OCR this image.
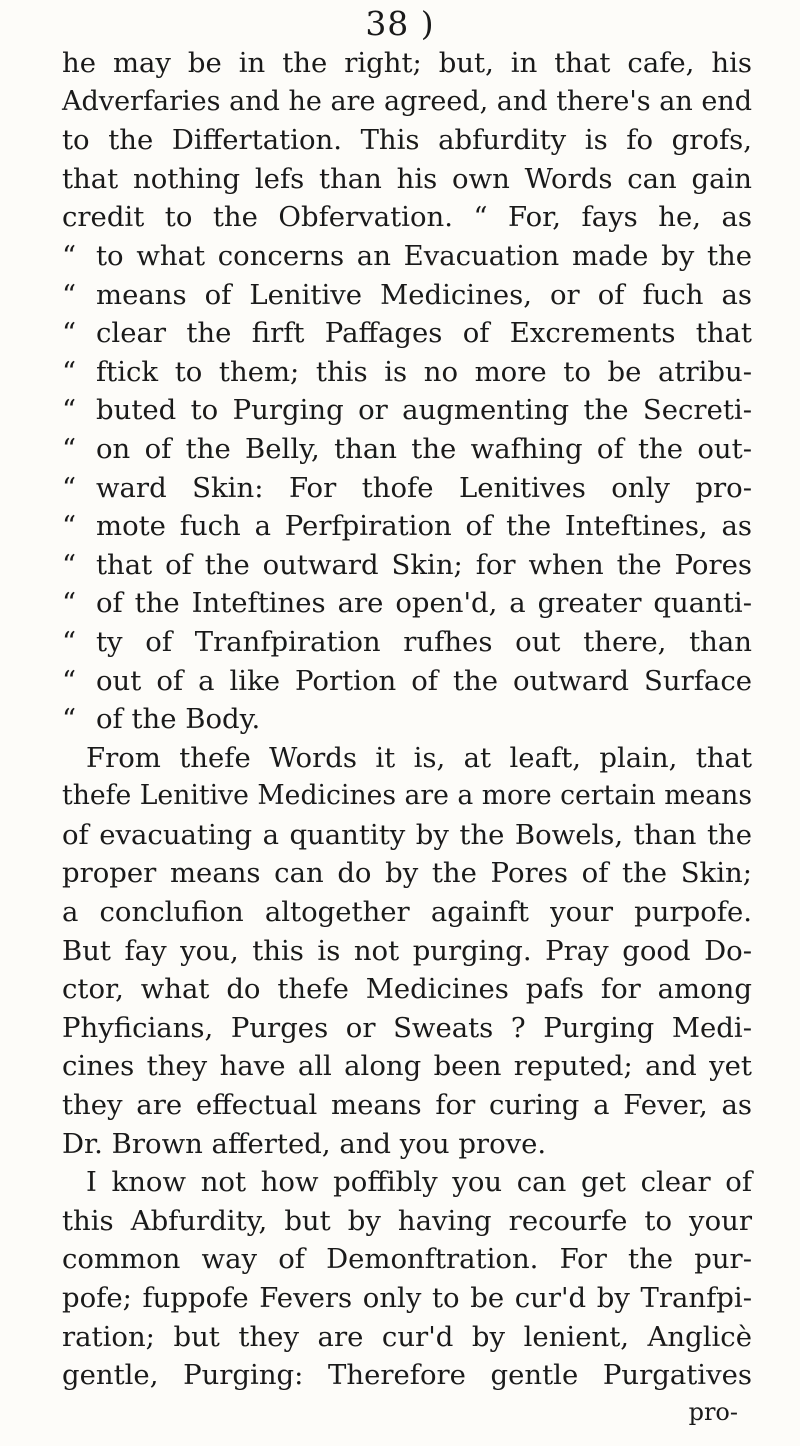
38 )
he may be in the right; but, in that cafe, his
Adverfaries and he are agreed, and there's an end
to the Differtation. This abfurdity is fo grofs,
that nothing lefs than his own Words can gain
credit to the Obfervation. “ For, fays he, as
“ to what concerns an Evacuation made by the
“ means of Lenitive Medicines, or of fuch as
“ clear the firft Paffages of Excrements that
“ ftick to them; this is no more to be atribu-
“ buted to Purging or augmenting the Secreti-
“ on of the Belly, than the wafhing of the out-
“ ward Skin: For thofe Lenitives only pro-
“ mote fuch a Perfpiration of the Inteftines, as
“ that of the outward Skin; for when the Pores
“ of the Inteftines are open'd, a greater quanti-
“ ty of Tranfpiration rufhes out there, than
“ out of a like Portion of the outward Surface
“ of the Body.
From thefe Words it is, at leaft, plain, that
thefe Lenitive Medicines are a more certain means
of evacuating a quantity by the Bowels, than the
proper means can do by the Pores of the Skin;
a conclufion altogether againft your purpofe.
But fay you, this is not purging. Pray good Do-
ctor, what do thefe Medicines pafs for among
Phyficians, Purges or Sweats ? Purging Medi-
cines they have all along been reputed; and yet
they are effectual means for curing a Fever, as
Dr. Brown afferted, and you prove.
I know not how poffibly you can get clear of
this Abfurdity, but by having recourfe to your
common way of Demonftration. For the pur-
pofe; fuppofe Fevers only to be cur'd by Tranfpi-
ration; but they are cur'd by lenient, Anglicè
gentle, Purging: Therefore gentle Purgatives
pro-
